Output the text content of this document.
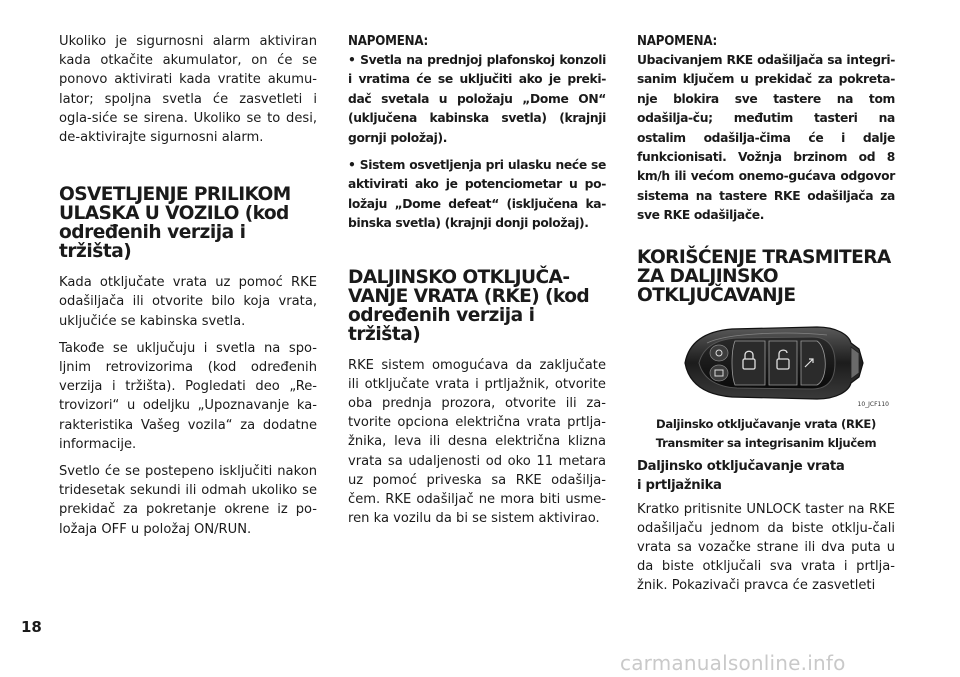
Ukoliko je sigurnosni alarm aktiviran kada otkačite akumulator, on će se ponovo aktivirati kada vratite akumu-lator; spoljna svetla će zasvetleti i ogla-siće se sirena. Ukoliko se to desi, de-aktivirajte sigurnosni alarm.

OSVETLJENJE PRILIKOM
ULASKA U VOZILO (kod
određenih verzija i tržišta)

Kada otključate vrata uz pomoć RKE odašiljača ili otvorite bilo koja vrata, uključiće se kabinska svetla.

Takođe se uključuju i svetla na spo-ljnim retrovizorima (kod određenih verzija i tržišta). Pogledati deo „Re-trovizori“ u odeljku „Upoznavanje ka-rakteristika Vašeg vozila“ za dodatne informacije.

Svetlo će se postepeno isključiti nakon tridesetak sekundi ili odmah ukoliko se prekidač za pokretanje okrene iz po-ložaja OFF u položaj ON/RUN.

NAPOMENA:

• Svetla na prednjoj plafonskoj konzoli i vratima će se uključiti ako je preki-dač svetala u položaju „Dome ON“ (uključena kabinska svetla) (krajnji gornji položaj).

• Sistem osvetljenja pri ulasku neće se aktivirati ako je potenciometar u po-ložaju „Dome defeat“ (isključena ka-binska svetla) (krajnji donji položaj).

DALJINSKO OTKLJUČA-
VANJE VRATA (RKE) (kod
određenih verzija i tržišta)

RKE sistem omogućava da zaključate ili otključate vrata i prtljažnik, otvorite oba prednja prozora, otvorite ili za-tvorite opciona električna vrata prtlja-žnika, leva ili desna električna klizna vrata sa udaljenosti od oko 11 metara uz pomoć priveska sa RKE odašilja-čem. RKE odašiljač ne mora biti usme-ren ka vozilu da bi se sistem aktivirao.

NAPOMENA:

Ubacivanjem RKE odašiljača sa integri-sanim ključem u prekidač za pokreta-nje blokira sve tastere na tom odašilja-ču; međutim tasteri na ostalim odašilja-čima će i dalje funkcionisati. Vožnja brzinom od 8 km/h ili većom onemo-gućava odgovor sistema na tastere RKE odašiljača za sve RKE odašiljače.

KORIŠĆENJE TRASMITERA
ZA DALJINSKO
OTKLJUČAVANJE
10_JCF110
Daljinsko otključavanje vrata (RKE)
Transmiter sa integrisanim ključem
Daljinsko otključavanje vrata
i prtljažnika

Kratko pritisnite UNLOCK taster na RKE odašiljaču jednom da biste otklju-čali vrata sa vozačke strane ili dva puta u da biste otključali sva vrata i prtlja-žnik. Pokazivači pravca će zasvetleti

18
carmanualsonline.info
